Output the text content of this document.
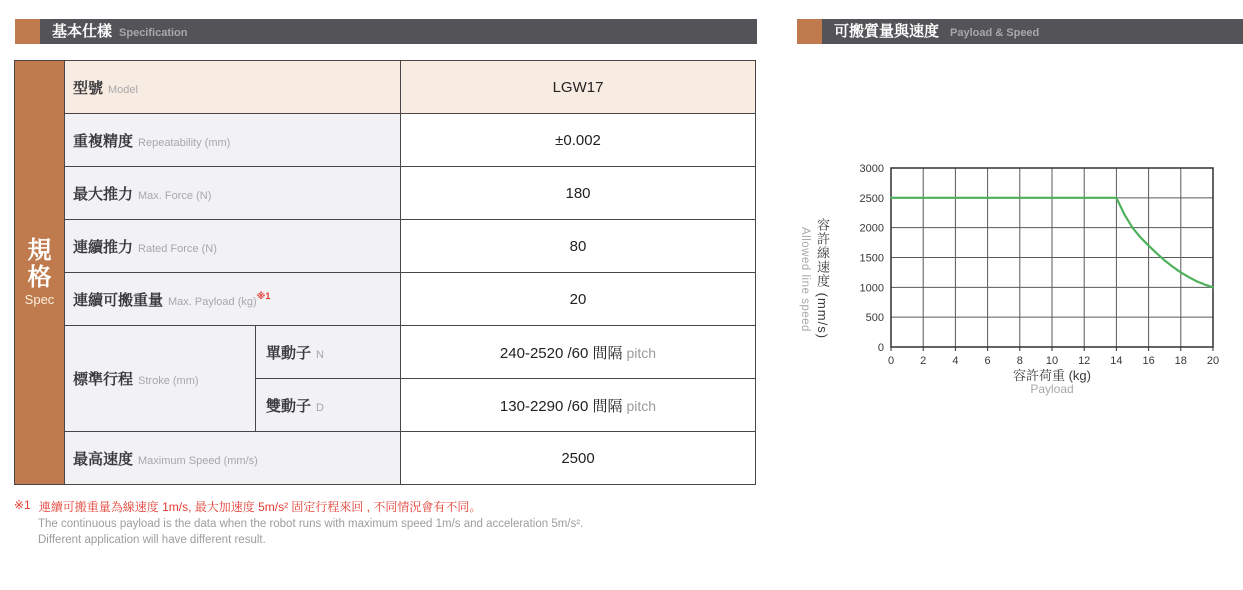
基本仕樣 Specification	可搬質量與速度 Payload & Speed
規格
Spec	型號 Model		LGW17
	重複精度 Repeatability (mm)		±0.002
	最大推力 Max. Force (N)		180
	連續推力 Rated Force (N)		80
	連續可搬重量 Max. Payload (kg)$^{※1}$		20
	標準行程 Stroke (mm)	單動子 N	240-2520 /60 間隔 pitch
		雙動子 D	130-2290 /60 間隔 pitch
	最高速度 Maximum Speed (mm/s)		2500
※1 連續可搬重量為線速度 1m/s, 最大加速度 5m/s² 固定行程來回 , 不同情況會有不同。
The continuous payload is the data when the robot runs with maximum speed 1m/s and acceleration 5m/s².
Different application will have different result.
0 2 4 6 8 10 12 14 16 18 20
0
500
1000
1500
2000
2500
3000
Allowed line speed 容許線速度 (mm/s)
容許荷重 (kg)
Payload
